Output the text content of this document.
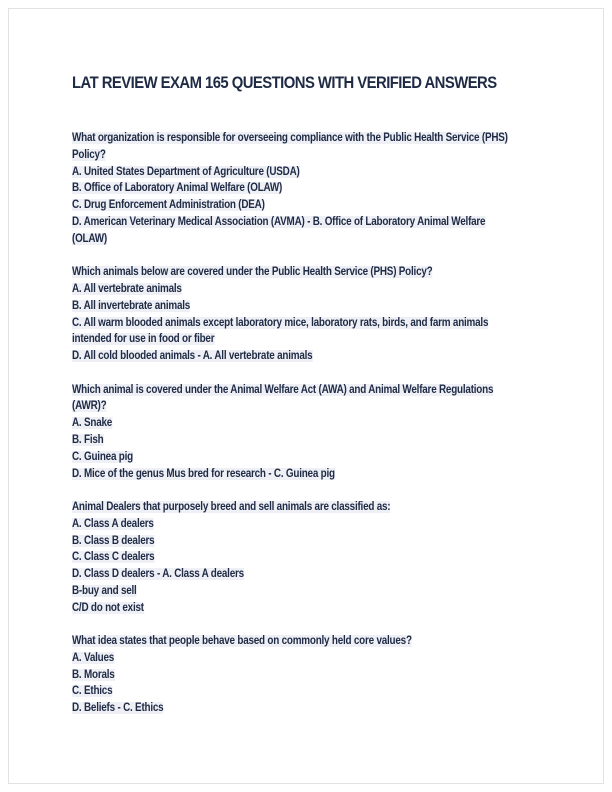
LAT REVIEW EXAM 165 QUESTIONS WITH VERIFIED ANSWERS
What organization is responsible for overseeing compliance with the Public Health Service (PHS)
Policy?
A. United States Department of Agriculture (USDA)
B. Office of Laboratory Animal Welfare (OLAW)
C. Drug Enforcement Administration (DEA)
D. American Veterinary Medical Association (AVMA) - B. Office of Laboratory Animal Welfare
(OLAW)
Which animals below are covered under the Public Health Service (PHS) Policy?
A. All vertebrate animals
B. All invertebrate animals
C. All warm blooded animals except laboratory mice, laboratory rats, birds, and farm animals
intended for use in food or fiber
D. All cold blooded animals - A. All vertebrate animals
Which animal is covered under the Animal Welfare Act (AWA) and Animal Welfare Regulations
(AWR)?
A. Snake
B. Fish
C. Guinea pig
D. Mice of the genus Mus bred for research - C. Guinea pig
Animal Dealers that purposely breed and sell animals are classified as:
A. Class A dealers
B. Class B dealers
C. Class C dealers
D. Class D dealers - A. Class A dealers
B-buy and sell
C/D do not exist
What idea states that people behave based on commonly held core values?
A. Values
B. Morals
C. Ethics
D. Beliefs - C. Ethics
